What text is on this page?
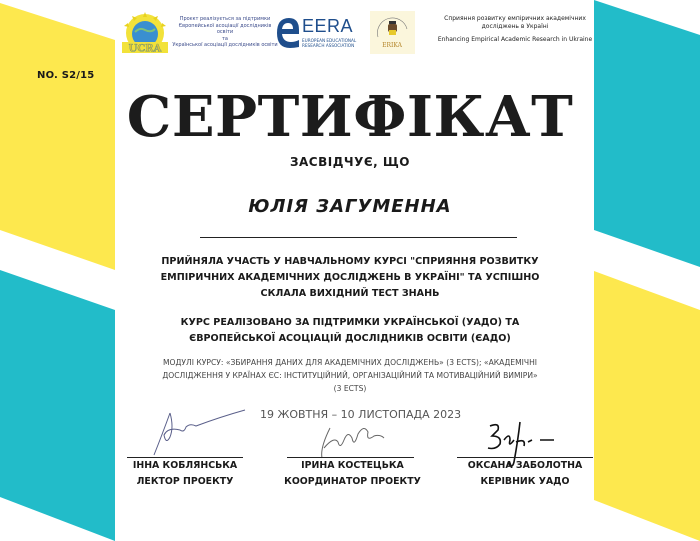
NO. S2/15
UCRA
Проєкт реалізується за підтримки
Європейської асоціації дослідників освіти
та
Української асоціації дослідників освіти
EERA
EUROPEAN EDUCATIONAL
RESEARCH ASSOCIATION	ERIKA
Сприяння розвитку емпіричних академічних
досліджень в Україні
Enhancing Empirical Academic Research in Ukraine
СЕРТИФІКАТ
ЗАСВІДЧУЄ, ЩО
ЮЛІЯ ЗАГУМЕННА
ПРИЙНЯЛА УЧАСТЬ У НАВЧАЛЬНОМУ КУРСІ "СПРИЯННЯ РОЗВИТКУ ЕМПІРИЧНИХ АКАДЕМІЧНИХ ДОСЛІДЖЕНЬ В УКРАЇНІ" ТА УСПІШНО СКЛАЛА ВИХІДНИЙ ТЕСТ ЗНАНЬ
КУРС РЕАЛІЗОВАНО ЗА ПІДТРИМКИ УКРАЇНСЬКОЇ (УАДО) ТА ЄВРОПЕЙСЬКОЇ АСОЦІАЦІЙ ДОСЛІДНИКІВ ОСВІТИ (ЄАДО)
МОДУЛІ КУРСУ: «ЗБИРАННЯ ДАНИХ ДЛЯ АКАДЕМІЧНИХ ДОСЛІДЖЕНЬ» (3 ECTS); «АКАДЕМІЧНІ ДОСЛІДЖЕННЯ У КРАЇНАХ ЄС: ІНСТИТУЦІЙНИЙ, ОРГАНІЗАЦІЙНИЙ ТА МОТИВАЦІЙНИЙ ВИМІРИ» (3 ECTS)
19 ЖОВТНЯ – 10 ЛИСТОПАДА 2023
ІННА КОБЛЯНСЬКА
ЛЕКТОР ПРОЕКТУ
ІРИНА КОСТЕЦЬКА
КООРДИНАТОР ПРОЕКТУ
ОКСАНА ЗАБОЛОТНА
КЕРІВНИК УАДО
